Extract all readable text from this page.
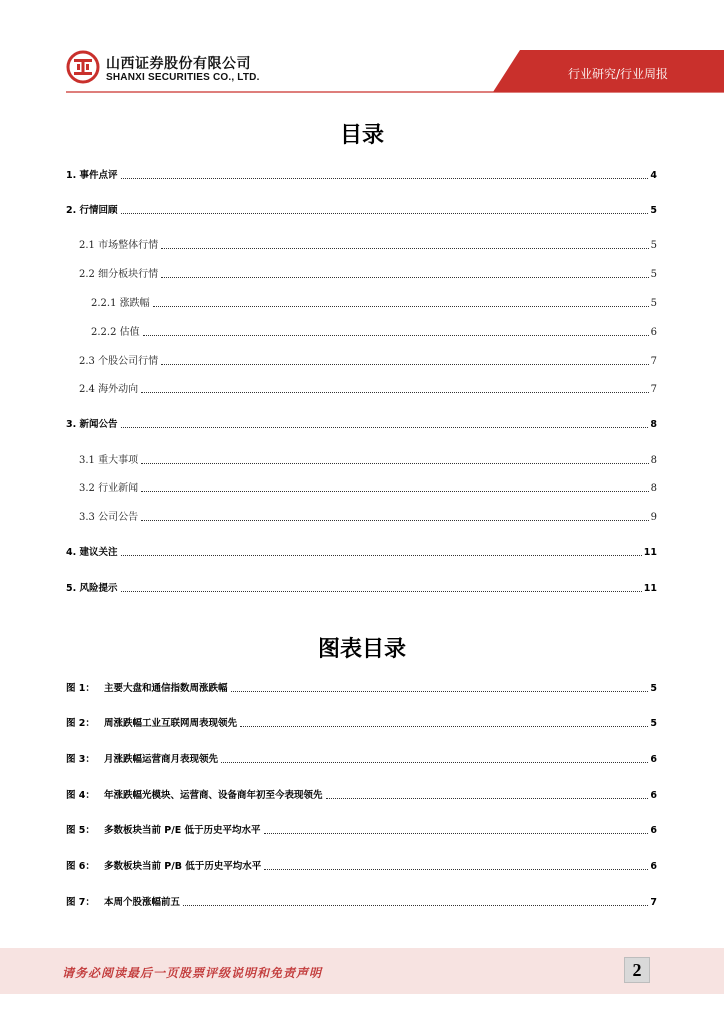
山西证券股份有限公司
SHANXI SECURITIES CO., LTD.	行业研究/行业周报
目录
1. 事件点评	4
2. 行情回顾	5
2.1 市场整体行情	5
2.2 细分板块行情	5
2.2.1 涨跌幅	5
2.2.2 估值	6
2.3 个股公司行情	7
2.4 海外动向	7
3. 新闻公告	8
3.1 重大事项	8
3.2 行业新闻	8
3.3 公司公告	9
4. 建议关注	11
5. 风险提示	11
图表目录
图 1： 主要大盘和通信指数周涨跌幅	5
图 2： 周涨跌幅工业互联网周表现领先	5
图 3： 月涨跌幅运营商月表现领先	6
图 4： 年涨跌幅光模块、运营商、设备商年初至今表现领先	6
图 5： 多数板块当前 P/E 低于历史平均水平	6
图 6： 多数板块当前 P/B 低于历史平均水平	6
图 7： 本周个股涨幅前五	7
请务必阅读最后一页股票评级说明和免责声明	2
